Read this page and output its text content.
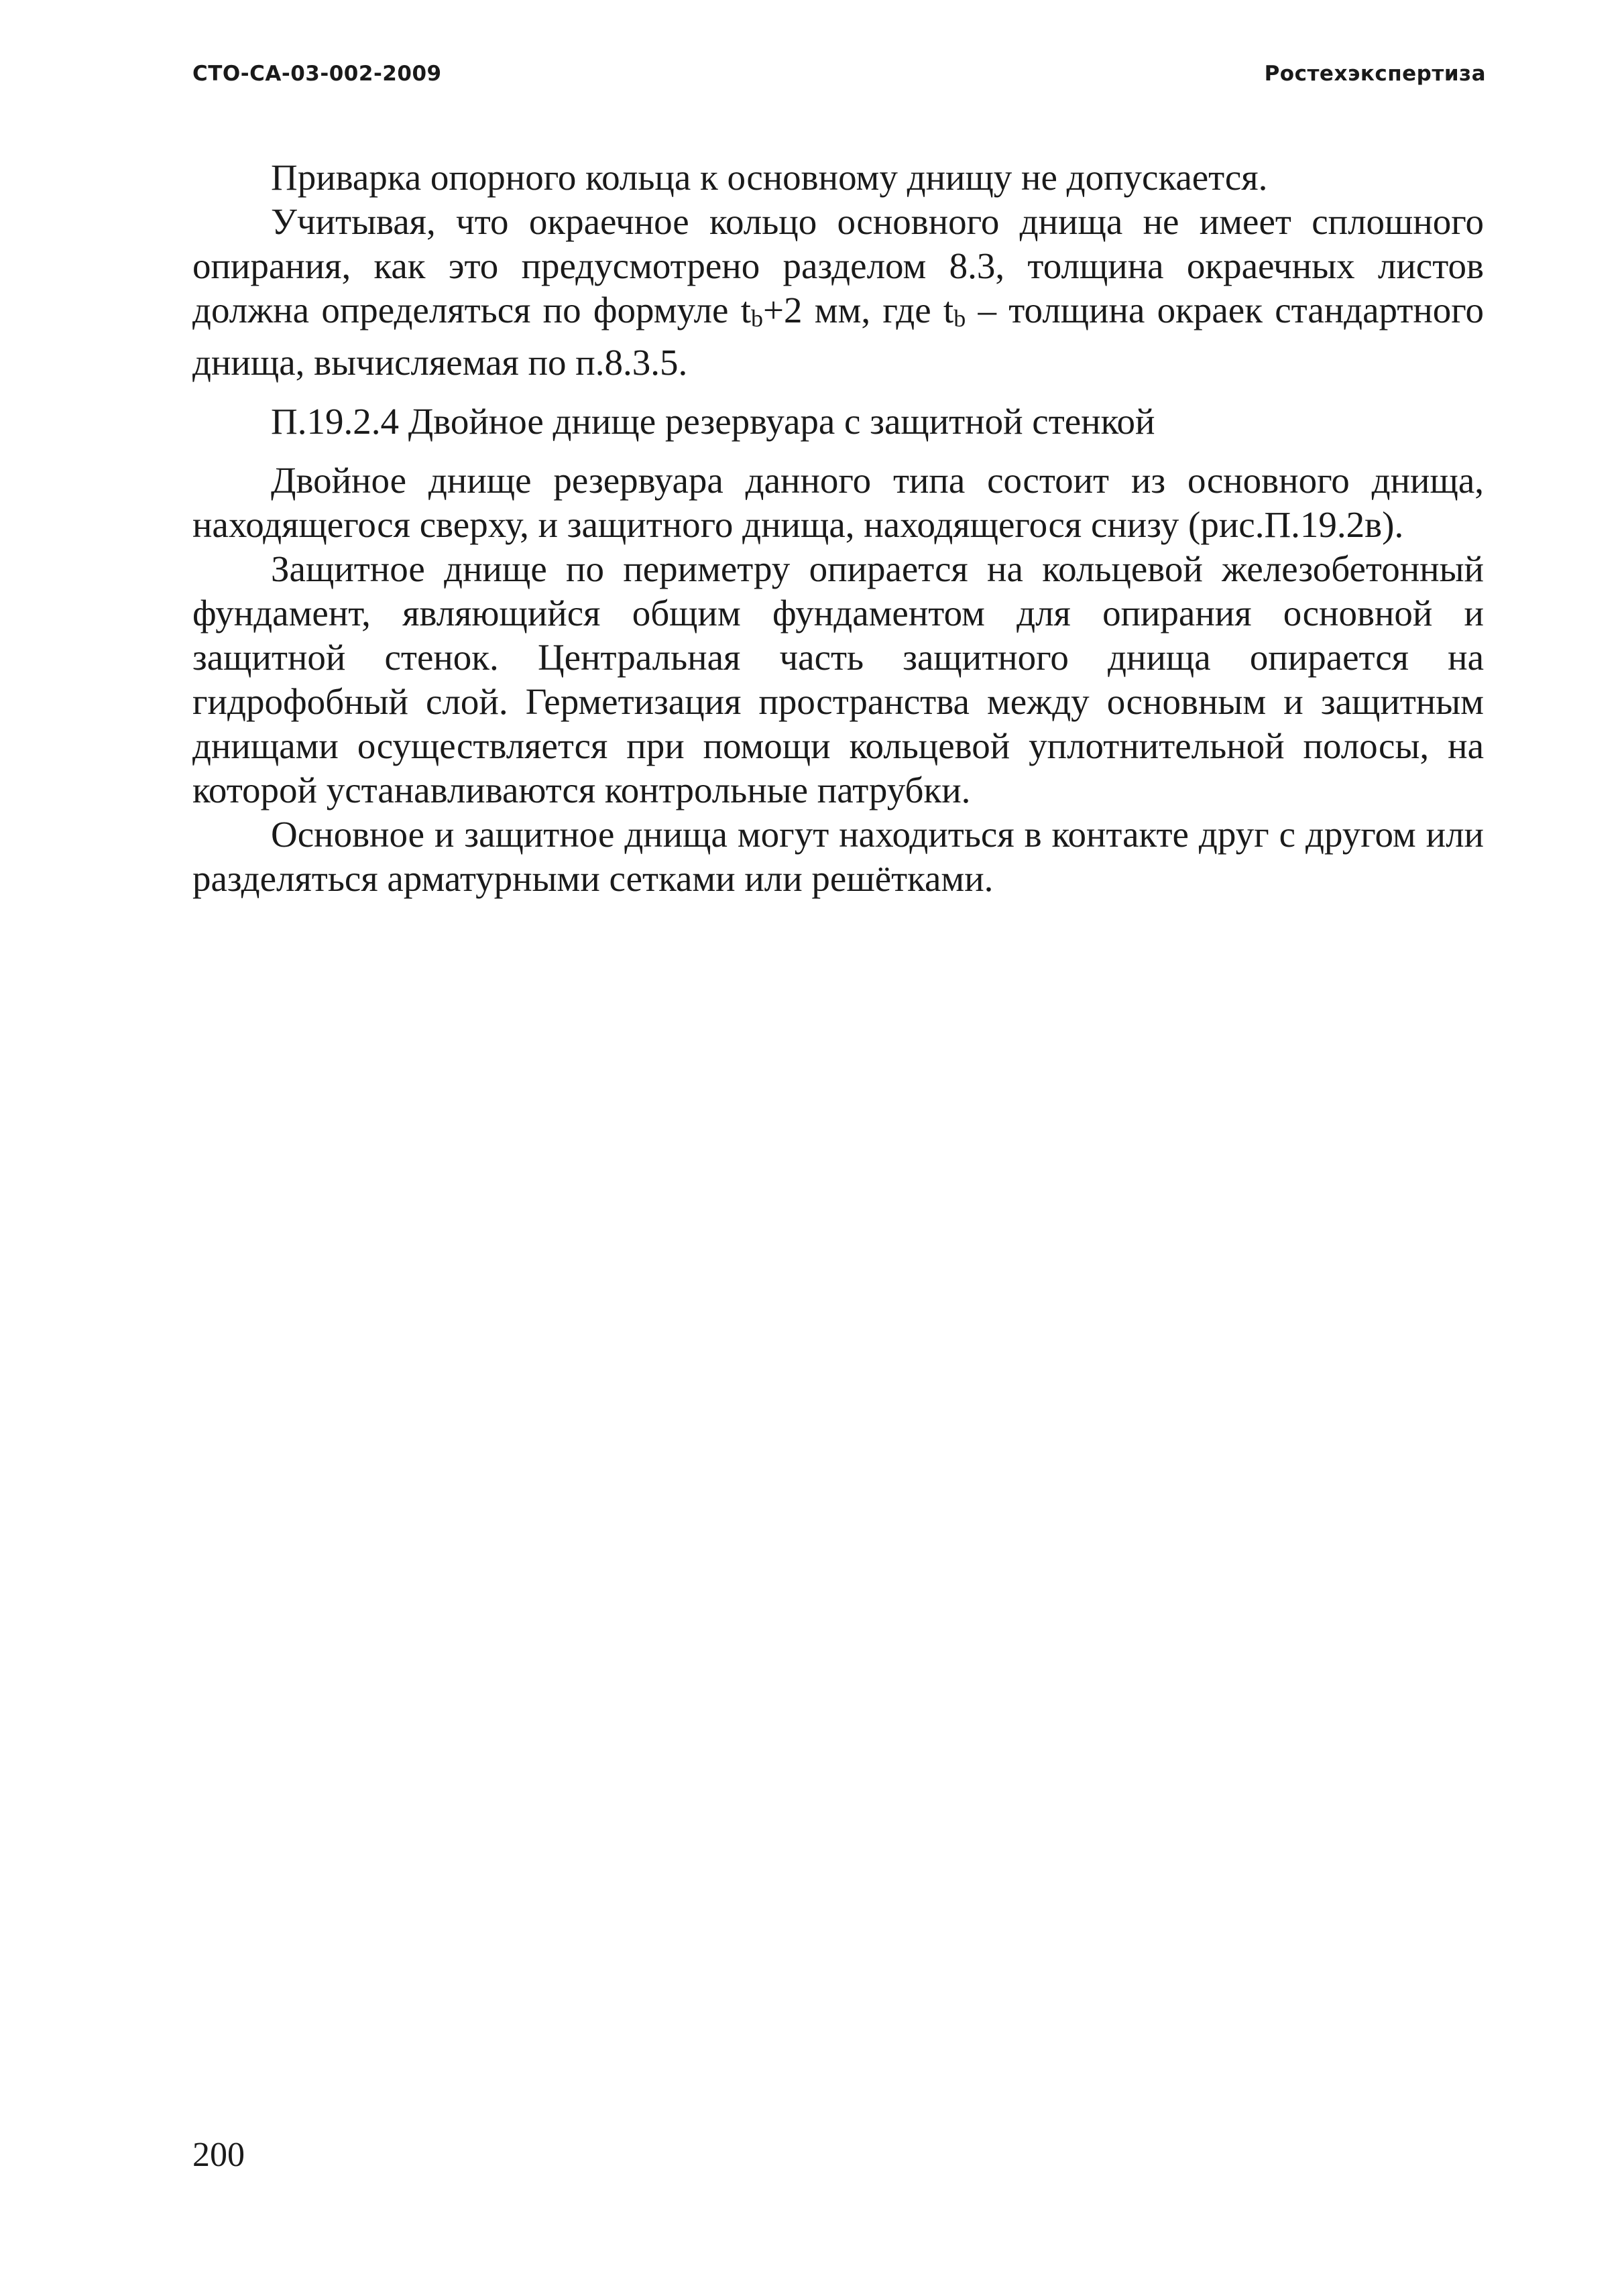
СТО-СА-03-002-2009	Ростехэкспертиза

Приварка опорного кольца к основному днищу не допускается.

Учитывая, что окраечное кольцо основного днища не имеет сплошного опирания, как это предусмотрено разделом 8.3, толщина окраечных листов должна определяться по формуле tb+2 мм, где tb – толщина окраек стандартного днища, вычисляемая по п.8.3.5.

П.19.2.4 Двойное днище резервуара с защитной стенкой

Двойное днище резервуара данного типа состоит из основного днища, находящегося сверху, и защитного днища, находящегося снизу (рис.П.19.2в).

Защитное днище по периметру опирается на кольцевой железобетонный фундамент, являющийся общим фундаментом для опирания основной и защитной стенок. Центральная часть защитного днища опирается на гидрофобный слой. Герметизация пространства между основным и защитным днищами осуществляется при помощи кольцевой уплотнительной полосы, на которой устанавливаются контрольные патрубки.

Основное и защитное днища могут находиться в контакте друг с другом или разделяться арматурными сетками или решётками.

200
